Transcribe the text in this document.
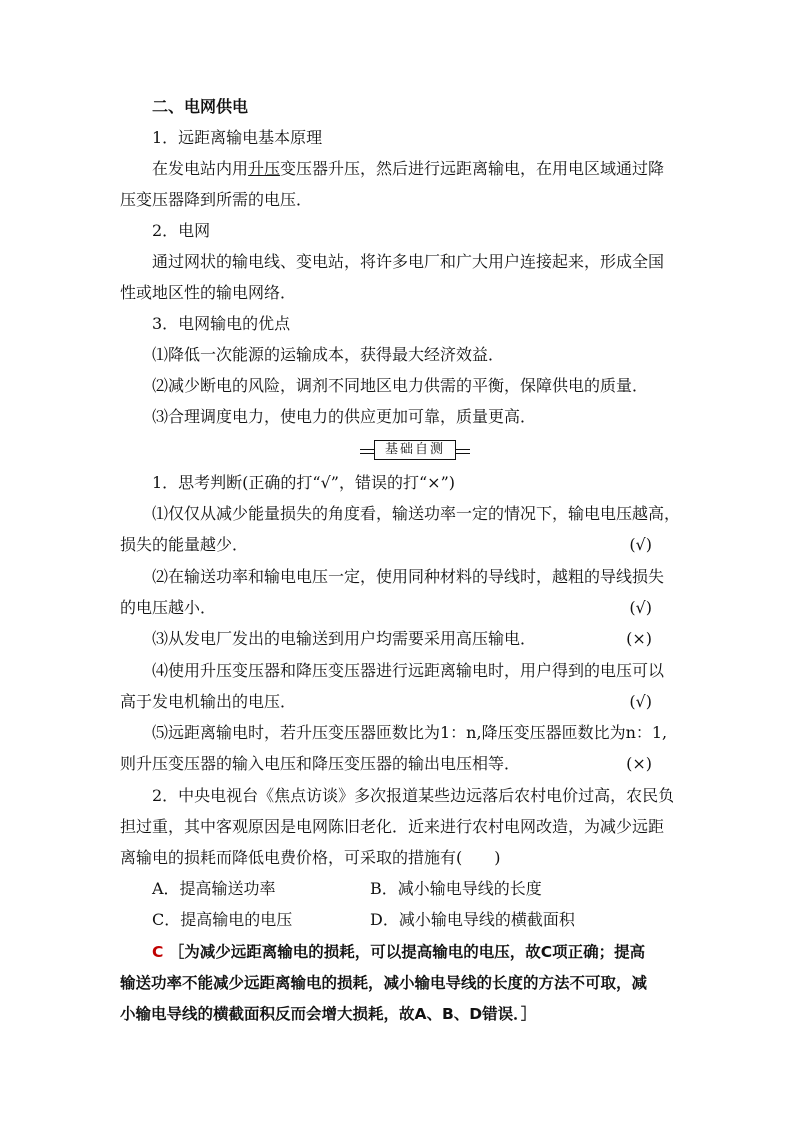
二、电网供电
1．远距离输电基本原理
在发电站内用升压变压器升压，然后进行远距离输电，在用电区域通过降
压变压器降到所需的电压．
2．电网
通过网状的输电线、变电站，将许多电厂和广大用户连接起来，形成全国
性或地区性的输电网络．
3．电网输电的优点
⑴降低一次能源的运输成本，获得最大经济效益．
⑵减少断电的风险，调剂不同地区电力供需的平衡，保障供电的质量．
⑶合理调度电力，使电力的供应更加可靠，质量更高．
基础自测
1．思考判断(正确的打“√”，错误的打“×”)
⑴仅仅从减少能量损失的角度看，输送功率一定的情况下，输电电压越高，
损失的能量越少．	(√)
⑵在输送功率和输电电压一定，使用同种材料的导线时，越粗的导线损失
的电压越小．	(√)
⑶从发电厂发出的电输送到用户均需要采用高压输电．	(×)
⑷使用升压变压器和降压变压器进行远距离输电时，用户得到的电压可以
高于发电机输出的电压．	(√)
⑸远距离输电时，若升压变压器匝数比为1：n,降压变压器匝数比为n：1,
则升压变压器的输入电压和降压变压器的输出电压相等．	(×)
2．中央电视台《焦点访谈》多次报道某些边远落后农村电价过高，农民负
担过重，其中客观原因是电网陈旧老化．近来进行农村电网改造，为减少远距
离输电的损耗而降低电费价格，可采取的措施有(　　)
A．提高输送功率	B．减小输电导线的长度
C．提高输电的电压	D．减小输电导线的横截面积
C ［为减少远距离输电的损耗，可以提高输电的电压，故C项正确；提高
输送功率不能减少远距离输电的损耗，减小输电导线的长度的方法不可取，减
小输电导线的横截面积反而会增大损耗，故A、B、D错误．］
